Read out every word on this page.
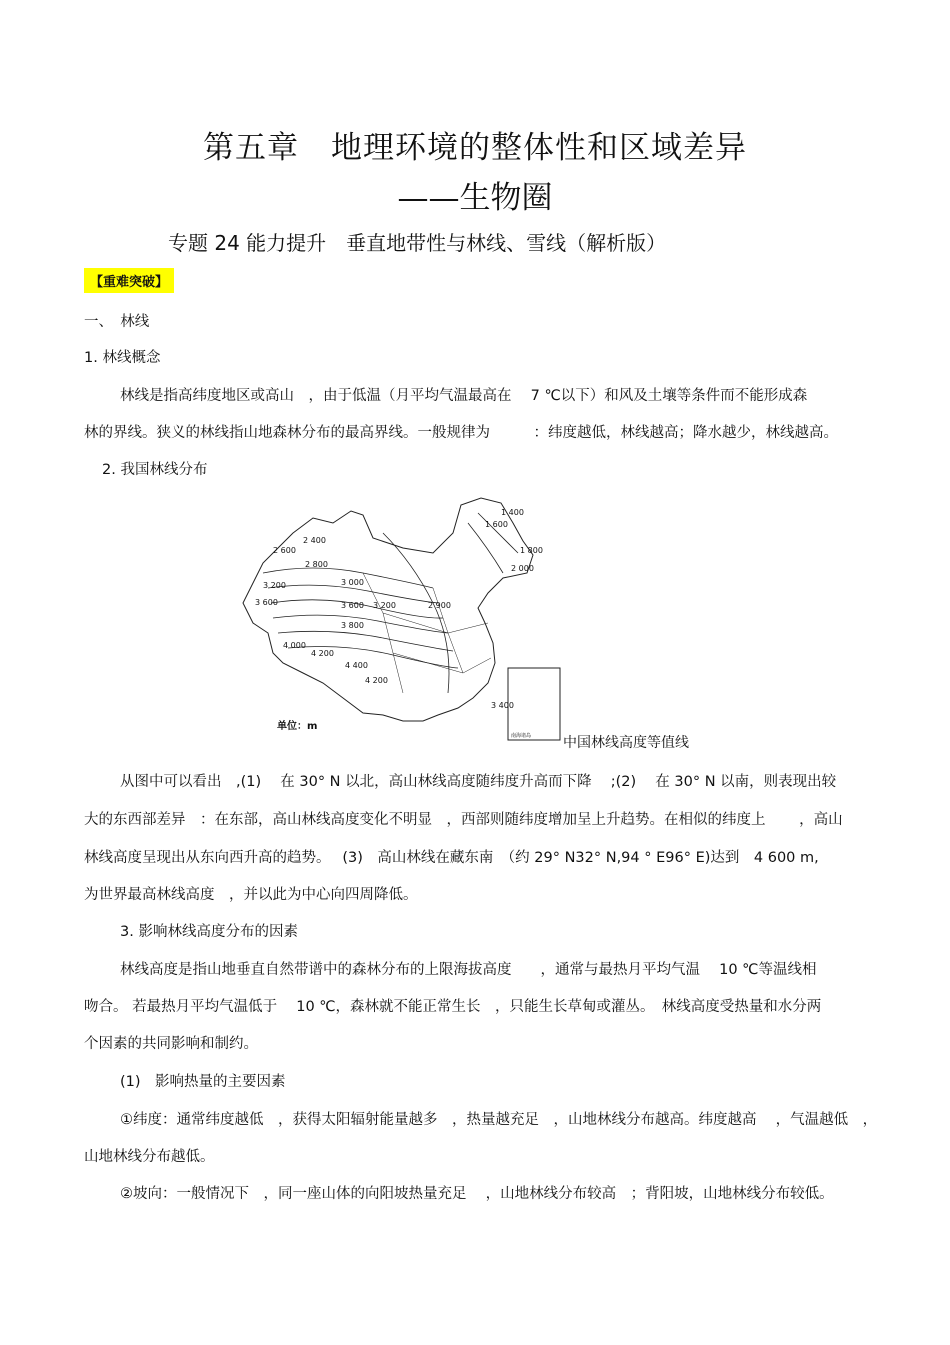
第五章　地理环境的整体性和区域差异
——生物圈
专题 24 能力提升　垂直地带性与林线、雪线（解析版）
【重难突破】
一、　林线
1. 林线概念
林线是指高纬度地区或高山　，由于低温（月平均气温最高在　 7 ℃以下）和风及土壤等条件而不能形成森
林的界线。狭义的林线指山地森林分布的最高界线。一般规律为　　　：纬度越低，林线越高；降水越少，林线越高。
2. 我国林线分布
1 400
1 600
1 800
2 000
2 400
2 600
2 800
3 000
3 200
3 200
3 600
3 800
4 000
4 200
4 400
4 200
3 400
3 600	2 900
单位：m
南海诸岛 中国林线高度等值线
从图中可以看出　,(1)　 在 30° N 以北，高山林线高度随纬度升高而下降　 ;(2)　 在 30° N 以南，则表现出较
大的东西部差异　：在东部，高山林线高度变化不明显　，西部则随纬度增加呈上升趋势。在相似的纬度上　　 ，高山
林线高度呈现出从东向西升高的趋势。　 (3)　高山林线在藏东南　（约 29° N32° N,94 ° E96° E)达到　4 600 m,
为世界最高林线高度　，并以此为中心向四周降低。
3. 影响林线高度分布的因素
林线高度是指山地垂直自然带谱中的森林分布的上限海拔高度　　，通常与最热月平均气温　 10 ℃等温线相
吻合。 若最热月平均气温低于　 10 ℃，森林就不能正常生长　，只能生长草甸或灌丛。　林线高度受热量和水分两
个因素的共同影响和制约。
(1)　影响热量的主要因素
①纬度：通常纬度越低　，获得太阳辐射能量越多　，热量越充足　，山地林线分布越高。纬度越高　 ，气温越低　，
山地林线分布越低。
②坡向：一般情况下　，同一座山体的向阳坡热量充足　 ，山地林线分布较高　；背阳坡，山地林线分布较低。
